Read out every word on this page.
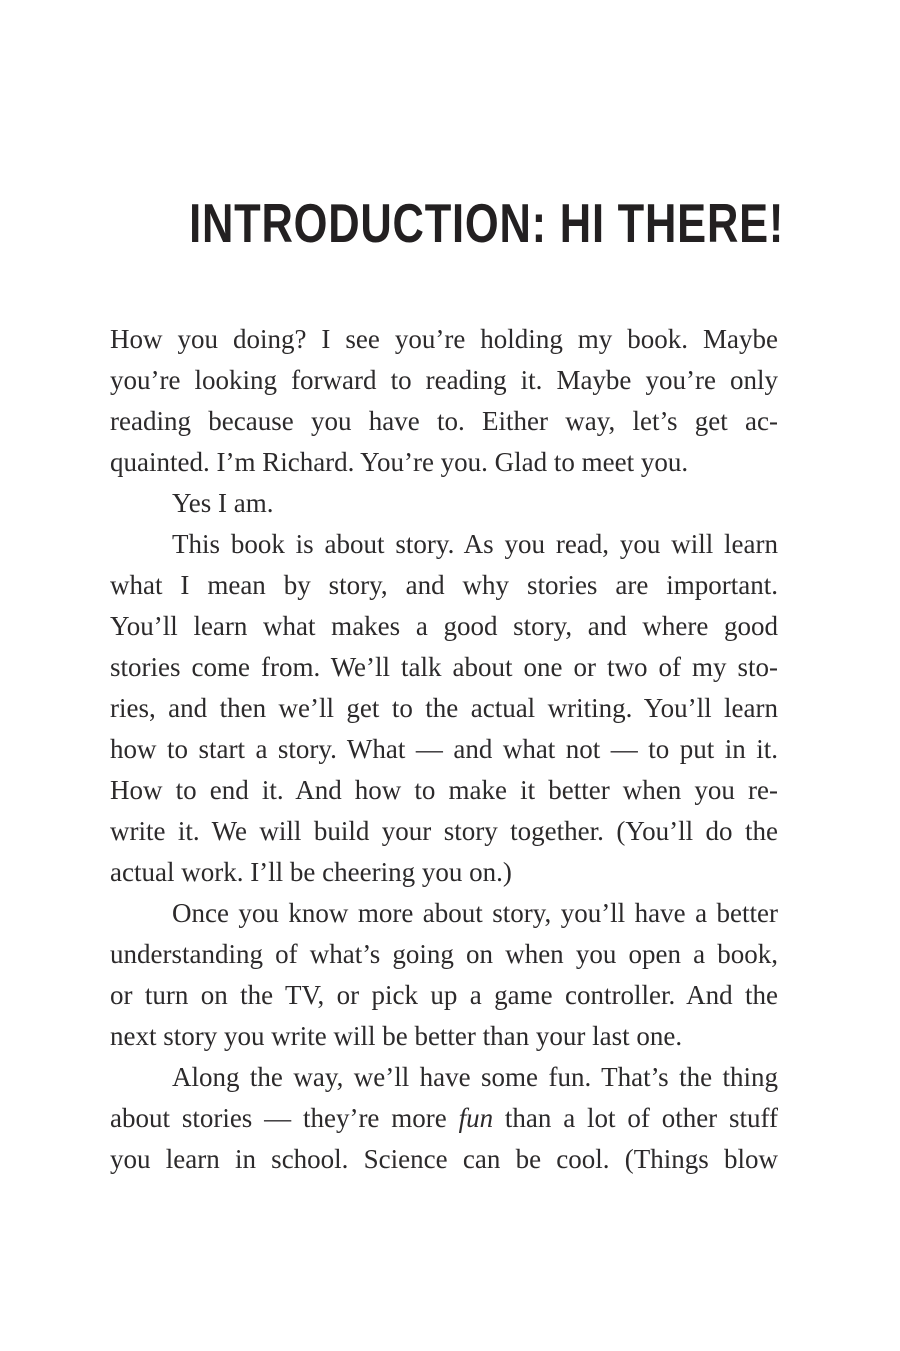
INTRODUCTION: HI THERE!
How you doing? I see you’re holding my book. Maybe
you’re looking forward to reading it. Maybe you’re only
reading because you have to. Either way, let’s get ac-
quainted. I’m Richard. You’re you. Glad to meet you.
Yes I am.
This book is about story. As you read, you will learn
what I mean by story, and why stories are important.
You’ll learn what makes a good story, and where good
stories come from. We’ll talk about one or two of my sto-
ries, and then we’ll get to the actual writing. You’ll learn
how to start a story. What — and what not — to put in it.
How to end it. And how to make it better when you re-
write it. We will build your story together. (You’ll do the
actual work. I’ll be cheering you on.)
Once you know more about story, you’ll have a better
understanding of what’s going on when you open a book,
or turn on the TV, or pick up a game controller. And the
next story you write will be better than your last one.
Along the way, we’ll have some fun. That’s the thing
about stories — they’re more fun than a lot of other stuff
you learn in school. Science can be cool. (Things blow
